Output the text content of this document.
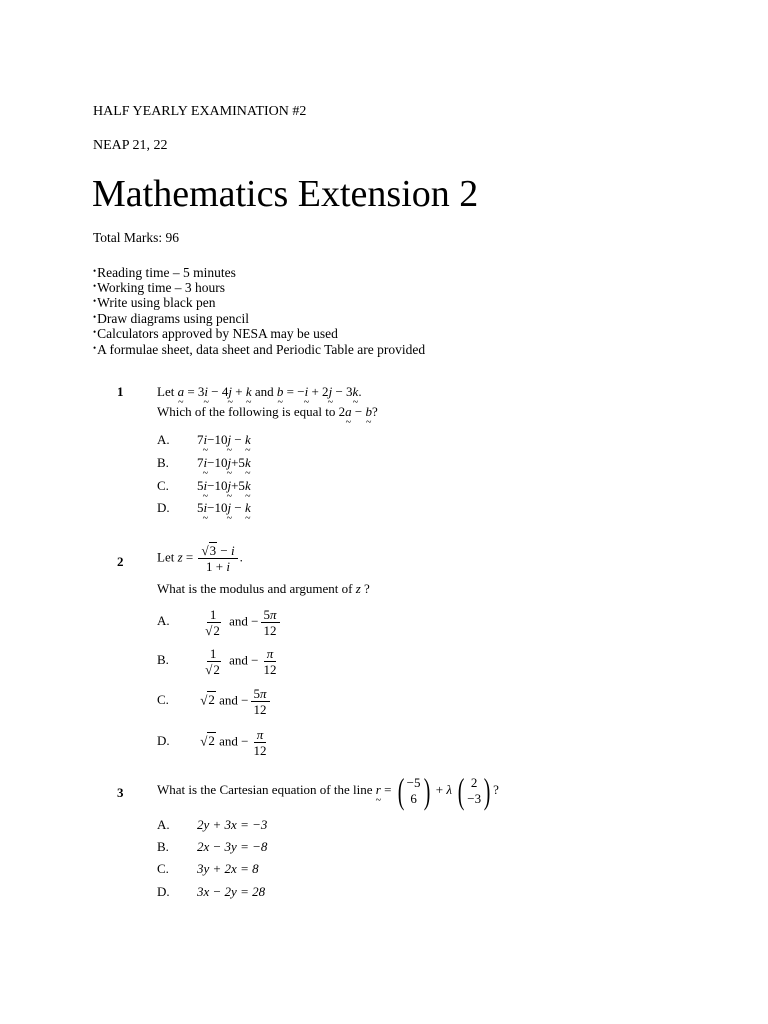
HALF YEARLY EXAMINATION #2
NEAP 21, 22
Mathematics Extension 2
Total Marks: 96
•Reading time – 5 minutes
•Working time – 3 hours
•Write using black pen
•Draw diagrams using pencil
•Calculators approved by NESA may be used
•A formulae sheet, data sheet and Periodic Table are provided
1	Let a ~ = 3i ~ − 4j ~ + k ~ and b ~ = −i ~ + 2j ~ − 3k ~.
Which of the following is equal to 2a ~ − b ~?
A. 7i ~−10j ~ − k ~
B. 7i ~−10j ~+5k ~
C. 5i ~−10j ~+5k ~
D. 5i ~−10j ~ − k ~
2	Let $z = \frac{√3 - i}{1 + i}$ .
What is the modulus and argument of z ?
A.	$\frac{1}{√2}$ and − $\frac{5\pi}{12}$
B.	$\frac{1}{√2}$ and − $\frac{\pi}{12}$
C. √2 and − $\frac{5\pi}{12}$
D. √2 and − $\frac{\pi}{12}$
3	What is the Cartesian equation of the line r ~ = ( −5
6 ) + λ ( 2
−3 ) ?
A. 2y + 3x = −3
B. 2x − 3y = −8
C. 3y + 2x = 8
D. 3x − 2y = 28
